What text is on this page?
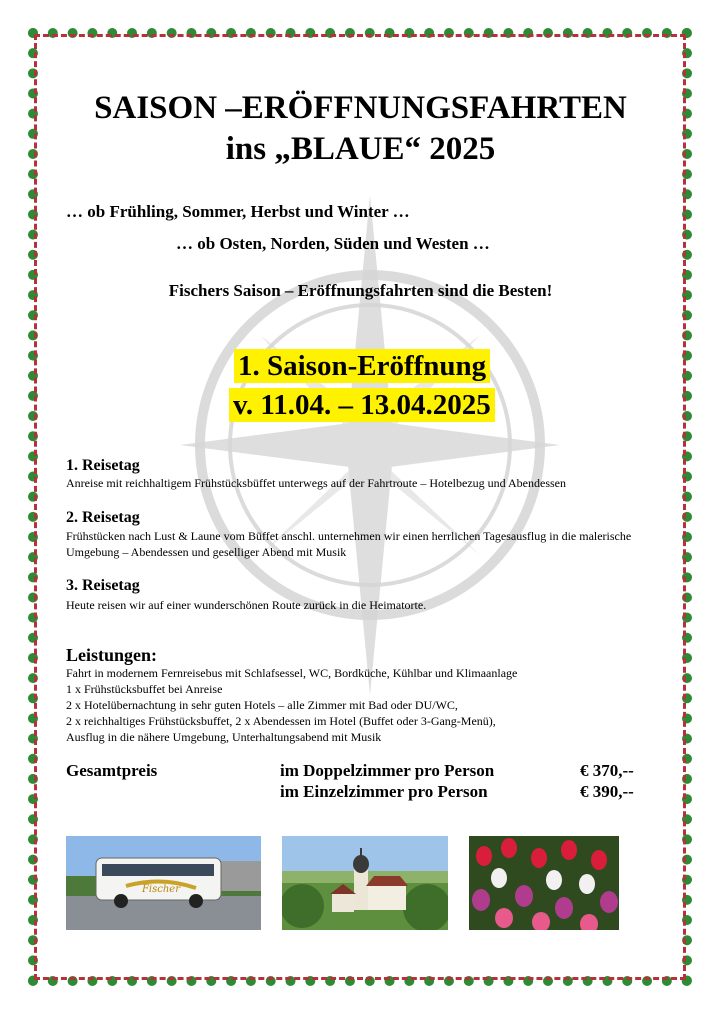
SAISON –ERÖFFNUNGSFAHRTEN
ins „BLAUE“ 2025
… ob Frühling, Sommer, Herbst und Winter …
… ob Osten, Norden, Süden und Westen …
Fischers Saison – Eröffnungsfahrten sind die Besten!
1. Saison-Eröffnung
v. 11.04. – 13.04.2025
1. Reisetag
Anreise mit reichhaltigem Frühstücksbüffet unterwegs auf der Fahrtroute – Hotelbezug und Abendessen
2. Reisetag
Frühstücken nach Lust & Laune vom Büffet anschl. unternehmen wir einen herrlichen Tagesausflug in die malerische Umgebung – Abendessen und geselliger Abend mit Musik
3. Reisetag
Heute reisen wir auf einer wunderschönen Route zurück in die Heimatorte.
Leistungen:
Fahrt in modernem Fernreisebus mit Schlafsessel, WC, Bordküche, Kühlbar und Klimaanlage
1 x Frühstücksbuffet bei Anreise
2 x Hotelübernachtung in sehr guten Hotels – alle Zimmer mit Bad oder DU/WC,
2 x reichhaltiges Frühstücksbuffet, 2 x Abendessen im Hotel (Buffet oder 3-Gang-Menü),
Ausflug in die nähere Umgebung, Unterhaltungsabend mit Musik
Gesamtpreis	im Doppelzimmer pro Person	€ 370,--
im Einzelzimmer pro Person	€ 390,--
Fischer
